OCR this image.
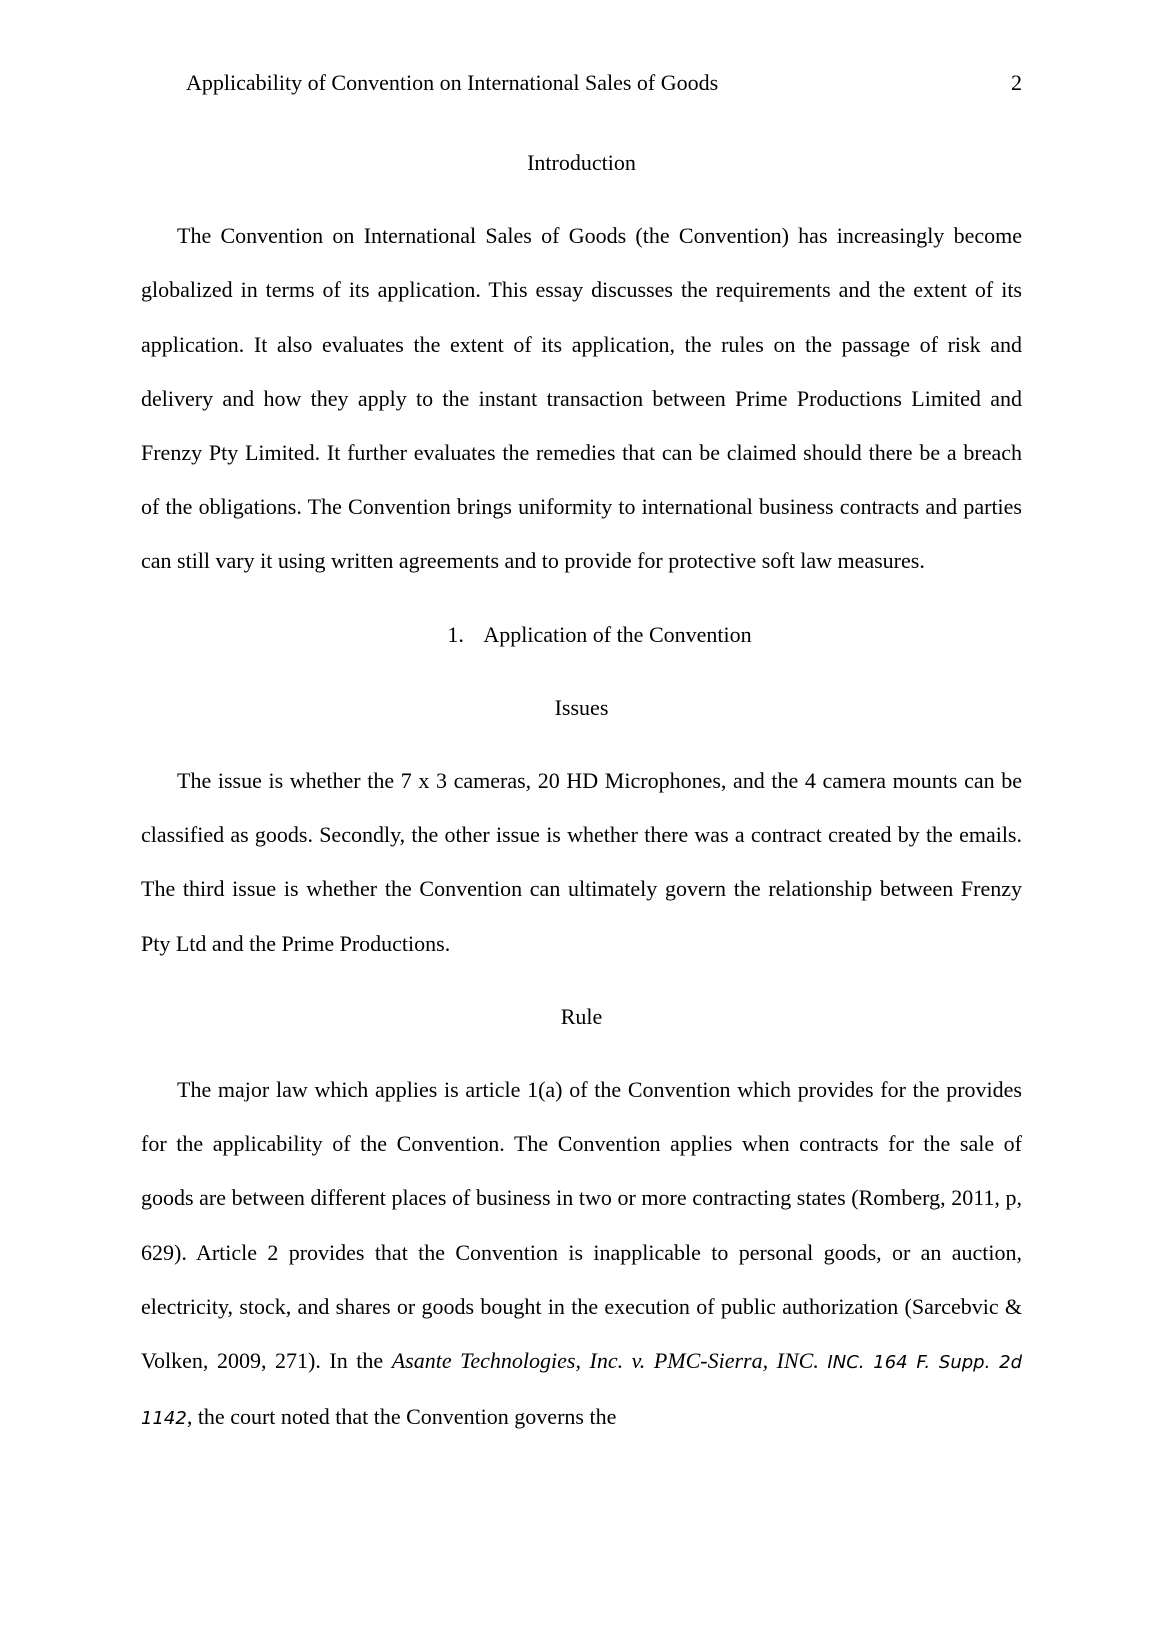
Applicability of Convention on International Sales of Goods	2
Introduction

The Convention on International Sales of Goods (the Convention) has increasingly become globalized in terms of its application. This essay discusses the requirements and the extent of its application. It also evaluates the extent of its application, the rules on the passage of risk and delivery and how they apply to the instant transaction between Prime Productions Limited and Frenzy Pty Limited. It further evaluates the remedies that can be claimed should there be a breach of the obligations. The Convention brings uniformity to international business contracts and parties can still vary it using written agreements and to provide for protective soft law measures.

1. Application of the Convention
Issues

The issue is whether the 7 x 3 cameras, 20 HD Microphones, and the 4 camera mounts can be classified as goods. Secondly, the other issue is whether there was a contract created by the emails. The third issue is whether the Convention can ultimately govern the relationship between Frenzy Pty Ltd and the Prime Productions.

Rule

The major law which applies is article 1(a) of the Convention which provides for the provides for the applicability of the Convention. The Convention applies when contracts for the sale of goods are between different places of business in two or more contracting states (Romberg, 2011, p, 629). Article 2 provides that the Convention is inapplicable to personal goods, or an auction, electricity, stock, and shares or goods bought in the execution of public authorization (Sarcebvic & Volken, 2009, 271). In the Asante Technologies, Inc. v. PMC-Sierra, INC. INC. 164 F. Supp. 2d 1142, the court noted that the Convention governs the
